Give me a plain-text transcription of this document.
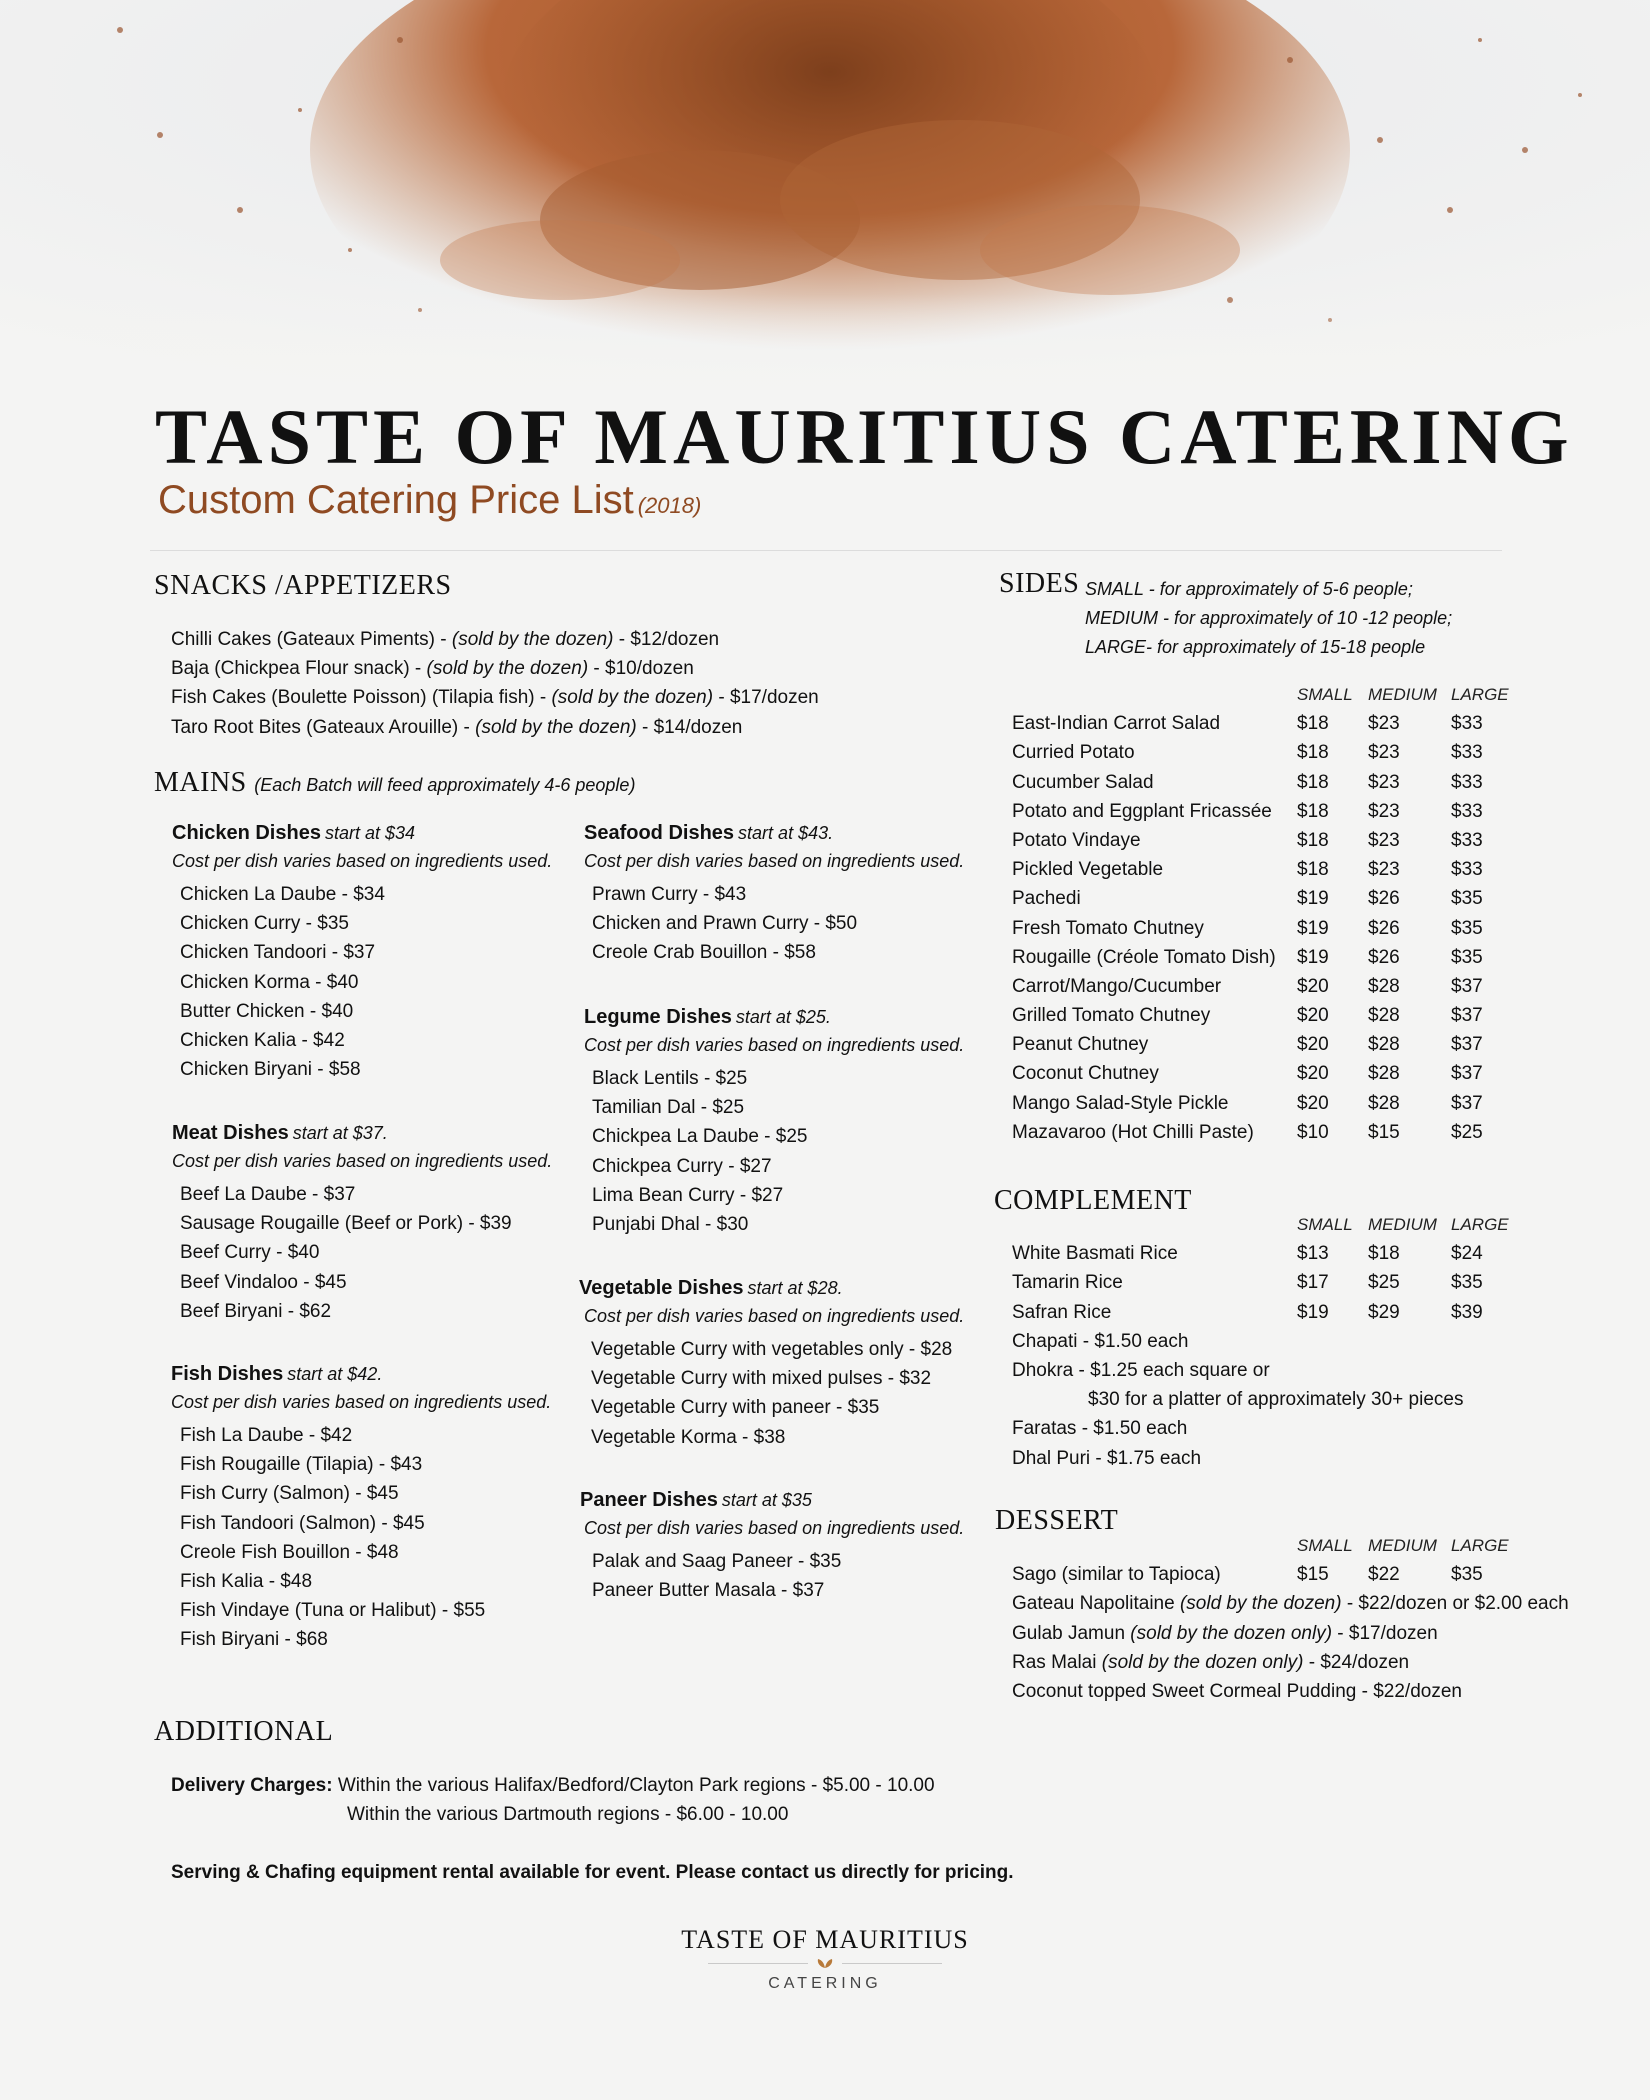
TASTE OF MAURITIUS CATERING
Custom Catering Price List (2018)
SNACKS /APPETIZERS
Chilli Cakes (Gateaux Piments) - (sold by the dozen) - $12/dozen
Baja (Chickpea Flour snack) - (sold by the dozen) - $10/dozen
Fish Cakes (Boulette Poisson) (Tilapia fish) - (sold by the dozen) - $17/dozen
Taro Root Bites (Gateaux Arouille) - (sold by the dozen) - $14/dozen
MAINS (Each Batch will feed approximately 4-6 people)
Chicken Dishes start at $34
Cost per dish varies based on ingredients used.
Chicken La Daube - $34
Chicken Curry - $35
Chicken Tandoori - $37
Chicken Korma - $40
Butter Chicken - $40
Chicken Kalia - $42
Chicken Biryani - $58
Meat Dishes start at $37.
Cost per dish varies based on ingredients used.
Beef La Daube - $37
Sausage Rougaille (Beef or Pork) - $39
Beef Curry - $40
Beef Vindaloo - $45
Beef Biryani - $62
Fish Dishes start at $42.
Cost per dish varies based on ingredients used.
Fish La Daube - $42
Fish Rougaille (Tilapia) - $43
Fish Curry (Salmon) - $45
Fish Tandoori (Salmon) - $45
Creole Fish Bouillon - $48
Fish Kalia - $48
Fish Vindaye (Tuna or Halibut) - $55
Fish Biryani - $68
Seafood Dishes start at $43.
Cost per dish varies based on ingredients used.
Prawn Curry - $43
Chicken and Prawn Curry - $50
Creole Crab Bouillon - $58
Legume Dishes start at $25.
Cost per dish varies based on ingredients used.
Black Lentils - $25
Tamilian Dal - $25
Chickpea La Daube - $25
Chickpea Curry - $27
Lima Bean Curry - $27
Punjabi Dhal - $30
Vegetable Dishes start at $28.
Cost per dish varies based on ingredients used.
Vegetable Curry with vegetables only - $28
Vegetable Curry with mixed pulses - $32
Vegetable Curry with paneer - $35
Vegetable Korma - $38
Paneer Dishes start at $35
Cost per dish varies based on ingredients used.
Palak and Saag Paneer - $35
Paneer Butter Masala - $37
SIDES SMALL - for approximately of 5-6 people;
MEDIUM - for approximately of 10 -12 people;
LARGE- for approximately of 15-18 people
SMALL MEDIUM LARGE
East-Indian Carrot Salad	$18	$23	$33
Curried Potato	$18	$23	$33
Cucumber Salad	$18	$23	$33
Potato and Eggplant Fricassée	$18	$23	$33
Potato Vindaye	$18	$23	$33
Pickled Vegetable	$18	$23	$33
Pachedi	$19	$26	$35
Fresh Tomato Chutney	$19	$26	$35
Rougaille (Créole Tomato Dish)	$19	$26	$35
Carrot/Mango/Cucumber	$20	$28	$37
Grilled Tomato Chutney	$20	$28	$37
Peanut Chutney	$20	$28	$37
Coconut Chutney	$20	$28	$37
Mango Salad-Style Pickle	$20	$28	$37
Mazavaroo (Hot Chilli Paste)	$10	$15	$25
COMPLEMENT
SMALL MEDIUM LARGE
White Basmati Rice	$13	$18	$24
Tamarin Rice	$17	$25	$35
Safran Rice	$19	$29	$39
Chapati - $1.50 each
Dhokra - $1.25 each square or
$30 for a platter of approximately 30+ pieces
Faratas - $1.50 each
Dhal Puri - $1.75 each
DESSERT
SMALL MEDIUM LARGE
Sago (similar to Tapioca)	$15	$22	$35
Gateau Napolitaine (sold by the dozen) - $22/dozen or $2.00 each
Gulab Jamun (sold by the dozen only) - $17/dozen
Ras Malai (sold by the dozen only) - $24/dozen
Coconut topped Sweet Cormeal Pudding - $22/dozen
ADDITIONAL
Delivery Charges: Within the various Halifax/Bedford/Clayton Park regions - $5.00 - 10.00
Within the various Dartmouth regions - $6.00 - 10.00
Serving & Chafing equipment rental available for event. Please contact us directly for pricing.
TASTE OF MAURITIUS
CATERING
